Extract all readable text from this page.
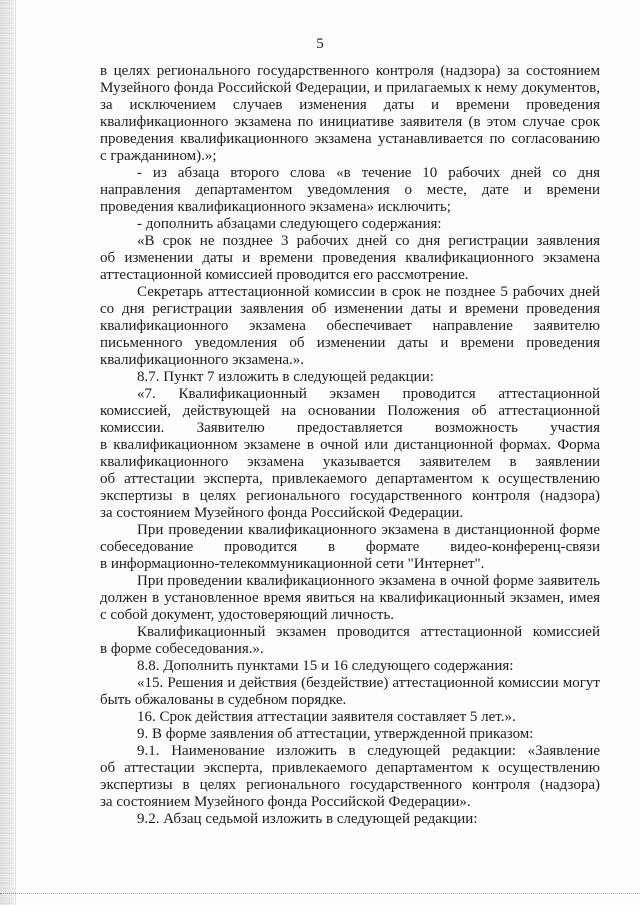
5
в целях регионального государственного контроля (надзора) за состоянием
Музейного фонда Российской Федерации, и прилагаемых к нему документов,
за исключением случаев изменения даты и времени проведения
квалификационного экзамена по инициативе заявителя (в этом случае срок
проведения квалификационного экзамена устанавливается по согласованию
с гражданином).»;
- из абзаца второго слова «в течение 10 рабочих дней со дня
направления департаментом уведомления о месте, дате и времени
проведения квалификационного экзамена» исключить;
- дополнить абзацами следующего содержания:
«В срок не позднее 3 рабочих дней со дня регистрации заявления
об изменении даты и времени проведения квалификационного экзамена
аттестационной комиссией проводится его рассмотрение.
Секретарь аттестационной комиссии в срок не позднее 5 рабочих дней
со дня регистрации заявления об изменении даты и времени проведения
квалификационного экзамена обеспечивает направление заявителю
письменного уведомления об изменении даты и времени проведения
квалификационного экзамена.».
8.7. Пункт 7 изложить в следующей редакции:
«7. Квалификационный экзамен проводится аттестационной
комиссией, действующей на основании Положения об аттестационной
комиссии. Заявителю предоставляется возможность участия
в квалификационном экзамене в очной или дистанционной формах. Форма
квалификационного экзамена указывается заявителем в заявлении
об аттестации эксперта, привлекаемого департаментом к осуществлению
экспертизы в целях регионального государственного контроля (надзора)
за состоянием Музейного фонда Российской Федерации.
При проведении квалификационного экзамена в дистанционной форме
собеседование проводится в формате видео-конференц-связи
в информационно-телекоммуникационной сети "Интернет".
При проведении квалификационного экзамена в очной форме заявитель
должен в установленное время явиться на квалификационный экзамен, имея
с собой документ, удостоверяющий личность.
Квалификационный экзамен проводится аттестационной комиссией
в форме собеседования.».
8.8. Дополнить пунктами 15 и 16 следующего содержания:
«15. Решения и действия (бездействие) аттестационной комиссии могут
быть обжалованы в судебном порядке.
16. Срок действия аттестации заявителя составляет 5 лет.».
9. В форме заявления об аттестации, утвержденной приказом:
9.1. Наименование изложить в следующей редакции: «Заявление
об аттестации эксперта, привлекаемого департаментом к осуществлению
экспертизы в целях регионального государственного контроля (надзора)
за состоянием Музейного фонда Российской Федерации».
9.2. Абзац седьмой изложить в следующей редакции:
